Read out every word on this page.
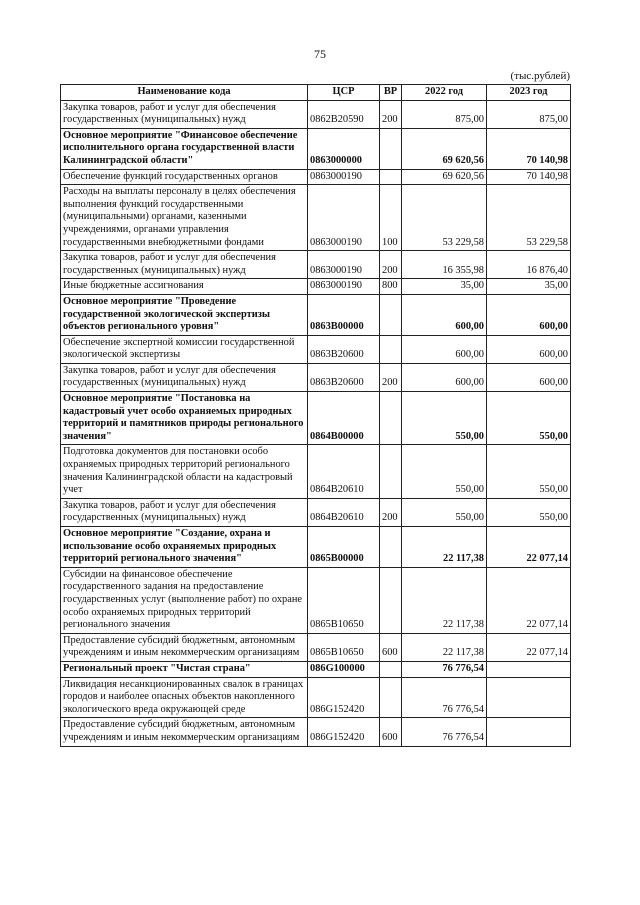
75
(тыс.рублей)
Наименование кода	ЦСР	ВР	2022 год	2023 год
Закупка товаров, работ и услуг для обеспечения государственных (муниципальных) нужд	0862В20590	200	875,00	875,00
Основное мероприятие "Финансовое обеспечение исполнительного органа государственной власти Калининградской области"	0863000000		69 620,56	70 140,98
Обеспечение функций государственных органов	0863000190		69 620,56	70 140,98
Расходы на выплаты персоналу в целях обеспечения выполнения функций государственными (муниципальными) органами, казенными учреждениями, органами управления государственными внебюджетными фондами	0863000190	100	53 229,58	53 229,58
Закупка товаров, работ и услуг для обеспечения государственных (муниципальных) нужд	0863000190	200	16 355,98	16 876,40
Иные бюджетные ассигнования	0863000190	800	35,00	35,00
Основное мероприятие "Проведение государственной экологической экспертизы объектов регионального уровня"	0863В00000		600,00	600,00
Обеспечение экспертной комиссии государственной экологической экспертизы	0863В20600		600,00	600,00
Закупка товаров, работ и услуг для обеспечения государственных (муниципальных) нужд	0863В20600	200	600,00	600,00
Основное мероприятие "Постановка на кадастровый учет особо охраняемых природных территорий и памятников природы регионального значения"	0864В00000		550,00	550,00
Подготовка документов для постановки особо охраняемых природных территорий регионального значения Калининградской области на кадастровый учет	0864В20610		550,00	550,00
Закупка товаров, работ и услуг для обеспечения государственных (муниципальных) нужд	0864В20610	200	550,00	550,00
Основное мероприятие "Создание, охрана и использование особо охраняемых природных территорий регионального значения"	0865В00000		22 117,38	22 077,14
Субсидии на финансовое обеспечение государственного задания на предоставление государственных услуг (выполнение работ) по охране особо охраняемых природных территорий регионального значения	0865В10650		22 117,38	22 077,14
Предоставление субсидий бюджетным, автономным учреждениям и иным некоммерческим организациям	0865В10650	600	22 117,38	22 077,14
Региональный проект "Чистая страна"	086G100000		76 776,54	
Ликвидация несанкционированных свалок в границах городов и наиболее опасных объектов накопленного экологического вреда окружающей среде	086G152420		76 776,54	
Предоставление субсидий бюджетным, автономным учреждениям и иным некоммерческим организациям	086G152420	600	76 776,54	
